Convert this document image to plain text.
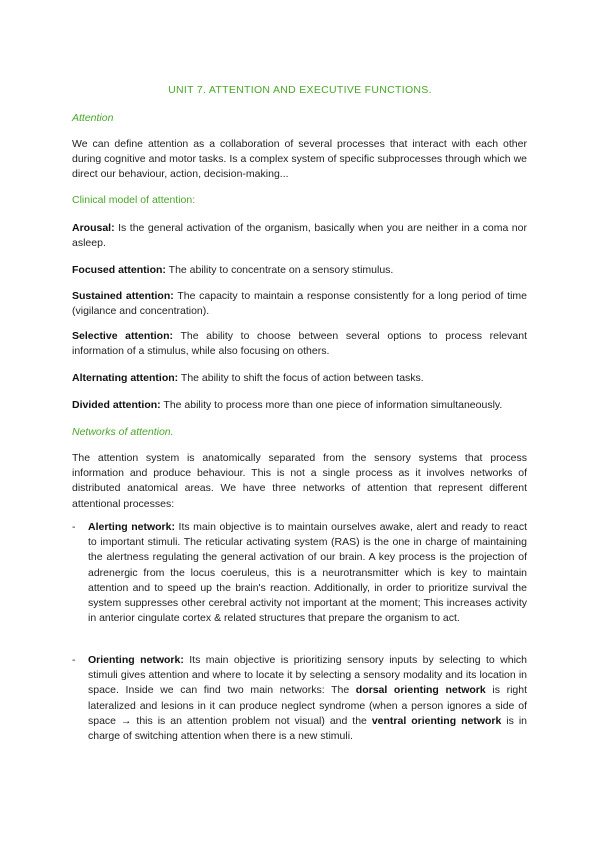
UNIT 7. ATTENTION AND EXECUTIVE FUNCTIONS.
Attention

We can define attention as a collaboration of several processes that interact with each other during cognitive and motor tasks. Is a complex system of specific subprocesses through which we direct our behaviour, action, decision-making...

Clinical model of attention:

Arousal: Is the general activation of the organism, basically when you are neither in a coma nor asleep.

Focused attention: The ability to concentrate on a sensory stimulus.

Sustained attention: The capacity to maintain a response consistently for a long period of time (vigilance and concentration).

Selective attention: The ability to choose between several options to process relevant information of a stimulus, while also focusing on others.

Alternating attention: The ability to shift the focus of action between tasks.

Divided attention: The ability to process more than one piece of information simultaneously.

Networks of attention.

The attention system is anatomically separated from the sensory systems that process information and produce behaviour. This is not a single process as it involves networks of distributed anatomical areas. We have three networks of attention that represent different attentional processes:

- Alerting network: Its main objective is to maintain ourselves awake, alert and ready to react to important stimuli. The reticular activating system (RAS) is the one in charge of maintaining the alertness regulating the general activation of our brain. A key process is the projection of adrenergic from the locus coeruleus, this is a neurotransmitter which is key to maintain attention and to speed up the brain's reaction. Additionally, in order to prioritize survival the system suppresses other cerebral activity not important at the moment; This increases activity in anterior cingulate cortex & related structures that prepare the organism to act.

- Orienting network: Its main objective is prioritizing sensory inputs by selecting to which stimuli gives attention and where to locate it by selecting a sensory modality and its location in space. Inside we can find two main networks: The dorsal orienting network is right lateralized and lesions in it can produce neglect syndrome (when a person ignores a side of space → this is an attention problem not visual) and the ventral orienting network is in charge of switching attention when there is a new stimuli.
